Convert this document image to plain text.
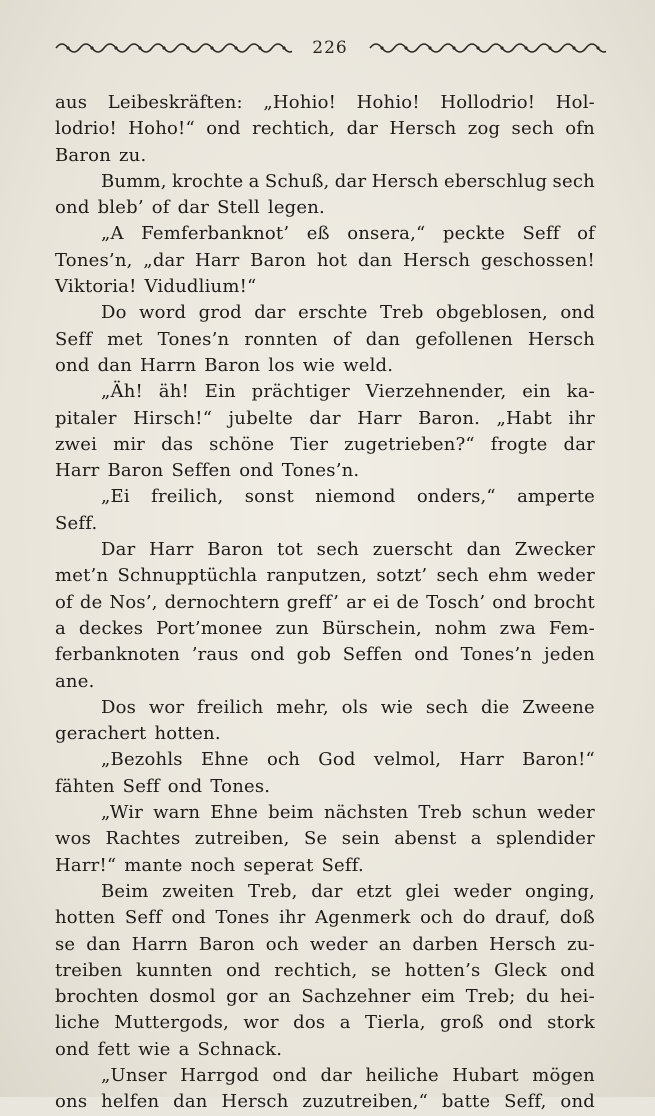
226
aus Leibeskräften: „Hohio! Hohio! Hollodrio! Hol-
lodrio! Hoho!“ ond rechtich, dar Hersch zog sech ofn
Baron zu.
Bumm, krochte a Schuß, dar Hersch eberschlug sech
ond bleb’ of dar Stell legen.
„A Femferbanknot’ eß onsera,“ peckte Seff of
Tones’n, „dar Harr Baron hot dan Hersch geschossen!
Viktoria! Vidudlium!“
Do word grod dar erschte Treb obgeblosen, ond
Seff met Tones’n ronnten of dan gefollenen Hersch
ond dan Harrn Baron los wie weld.
„Äh! äh! Ein prächtiger Vierzehnender, ein ka-
pitaler Hirsch!“ jubelte dar Harr Baron. „Habt ihr
zwei mir das schöne Tier zugetrieben?“ frogte dar
Harr Baron Seffen ond Tones’n.
„Ei freilich, sonst niemond onders,“ amperte
Seff.
Dar Harr Baron tot sech zuerscht dan Zwecker
met’n Schnupptüchla ranputzen, sotzt’ sech ehm weder
of de Nos’, dernochtern greff’ ar ei de Tosch’ ond brocht
a deckes Port’monee zun Bürschein, nohm zwa Fem-
ferbanknoten ’raus ond gob Seffen ond Tones’n jeden
ane.
Dos wor freilich mehr, ols wie sech die Zweene
gerachert hotten.
„Bezohls Ehne och God velmol, Harr Baron!“
fähten Seff ond Tones.
„Wir warn Ehne beim nächsten Treb schun weder
wos Rachtes zutreiben, Se sein abenst a splendider
Harr!“ mante noch seperat Seff.
Beim zweiten Treb, dar etzt glei weder onging,
hotten Seff ond Tones ihr Agenmerk och do drauf, doß
se dan Harrn Baron och weder an darben Hersch zu-
treiben kunnten ond rechtich, se hotten’s Gleck ond
brochten dosmol gor an Sachzehner eim Treb; du hei-
liche Muttergods, wor dos a Tierla, groß ond stork
ond fett wie a Schnack.
„Unser Harrgod ond dar heiliche Hubart mögen
ons helfen dan Hersch zuzutreiben,“ batte Seff, ond
